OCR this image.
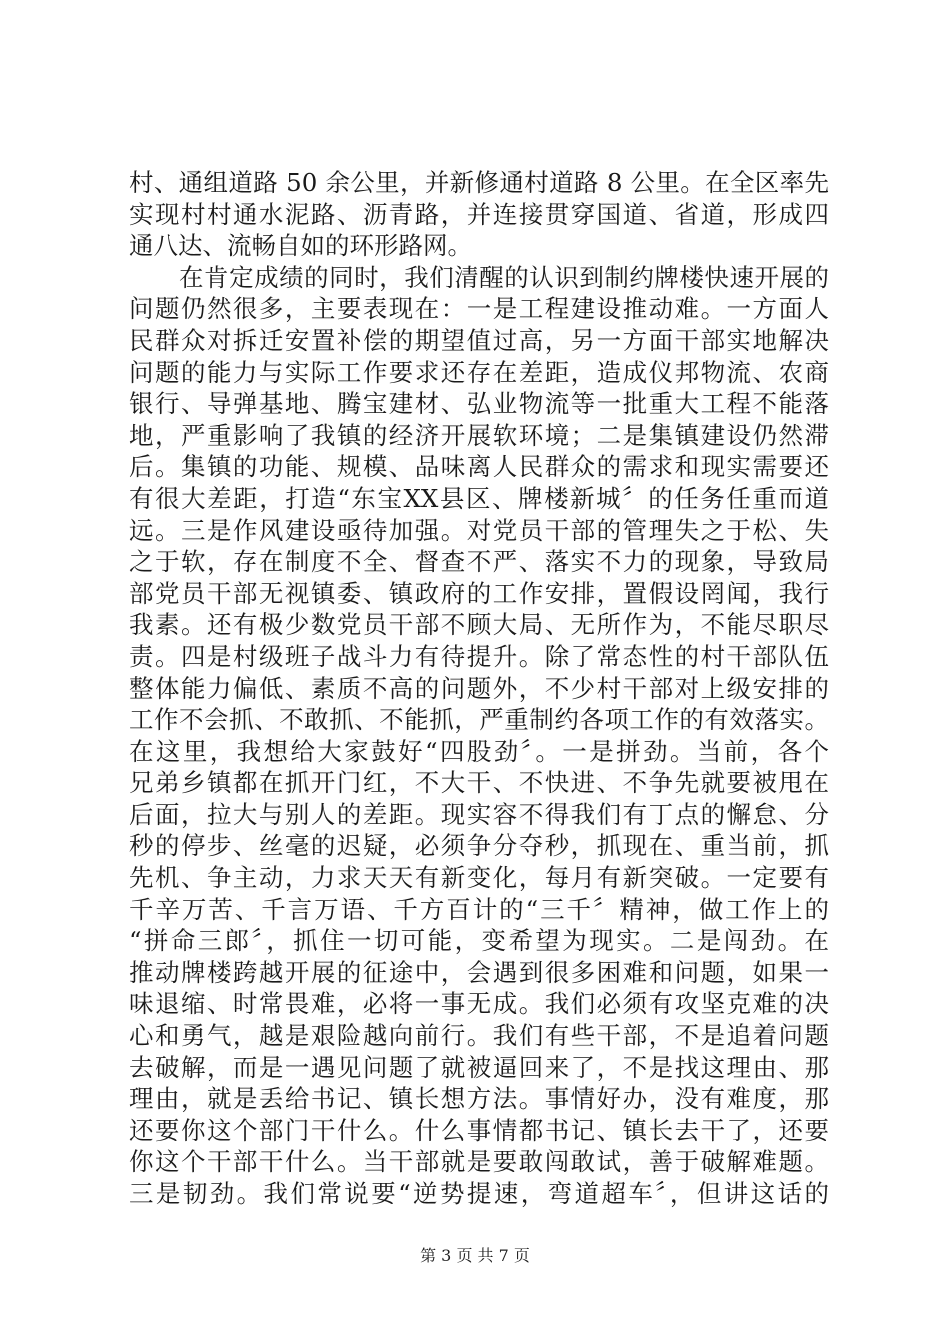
村、通组道路 50 余公里，并新修通村道路 8 公里。在全区率先
实现村村通水泥路、沥青路，并连接贯穿国道、省道，形成四
通八达、流畅自如的环形路网。
　　在肯定成绩的同时，我们清醒的认识到制约牌楼快速开展的
问题仍然很多，主要表现在：一是工程建设推动难。一方面人
民群众对拆迁安置补偿的期望值过高，另一方面干部实地解决
问题的能力与实际工作要求还存在差距，造成仪邦物流、农商
银行、导弹基地、腾宝建材、弘业物流等一批重大工程不能落
地，严重影响了我镇的经济开展软环境；二是集镇建设仍然滞
后。集镇的功能、规模、品味离人民群众的需求和现实需要还
有很大差距，打造“东宝XX县区、牌楼新城〞的任务任重而道
远。三是作风建设亟待加强。对党员干部的管理失之于松、失
之于软，存在制度不全、督查不严、落实不力的现象，导致局
部党员干部无视镇委、镇政府的工作安排，置假设罔闻，我行
我素。还有极少数党员干部不顾大局、无所作为，不能尽职尽
责。四是村级班子战斗力有待提升。除了常态性的村干部队伍
整体能力偏低、素质不高的问题外，不少村干部对上级安排的
工作不会抓、不敢抓、不能抓，严重制约各项工作的有效落实。
在这里，我想给大家鼓好“四股劲〞。一是拼劲。当前，各个
兄弟乡镇都在抓开门红，不大干、不快进、不争先就要被甩在
后面，拉大与别人的差距。现实容不得我们有丁点的懈怠、分
秒的停步、丝毫的迟疑，必须争分夺秒，抓现在、重当前，抓
先机、争主动，力求天天有新变化，每月有新突破。一定要有
千辛万苦、千言万语、千方百计的“三千〞精神，做工作上的
“拼命三郎〞，抓住一切可能，变希望为现实。二是闯劲。在
推动牌楼跨越开展的征途中，会遇到很多困难和问题，如果一
味退缩、时常畏难，必将一事无成。我们必须有攻坚克难的决
心和勇气，越是艰险越向前行。我们有些干部，不是追着问题
去破解，而是一遇见问题了就被逼回来了，不是找这理由、那
理由，就是丢给书记、镇长想方法。事情好办，没有难度，那
还要你这个部门干什么。什么事情都书记、镇长去干了，还要
你这个干部干什么。当干部就是要敢闯敢试，善于破解难题。
三是韧劲。我们常说要“逆势提速，弯道超车〞，但讲这话的
第 3 页 共 7 页
